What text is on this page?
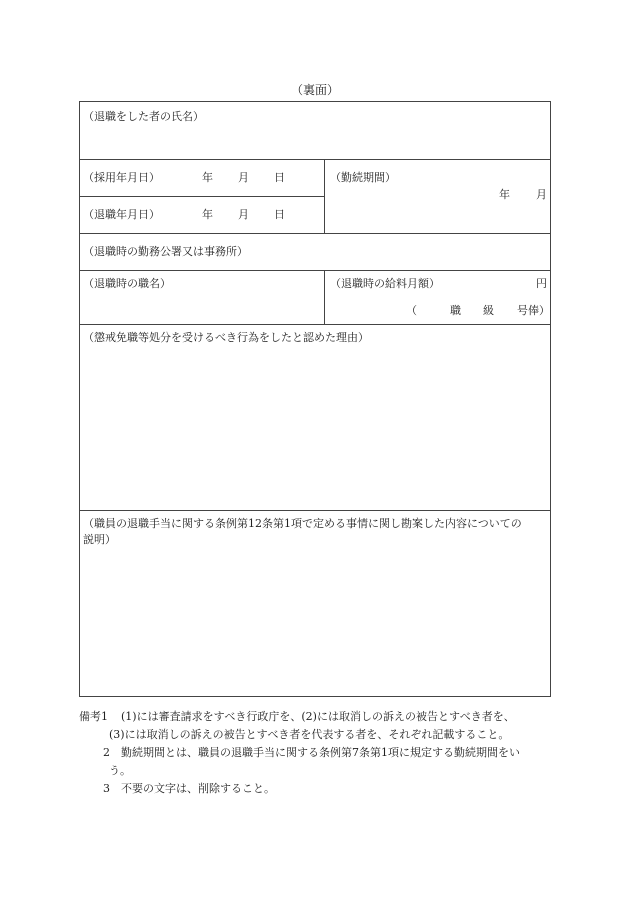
（裏面）
（退職をした者の氏名）
（採用年月日）	年 月 日	（勤続期間）
年 月
（退職年月日）	年 月 日
（退職時の勤務公署又は事務所）
（退職時の職名）	（退職時の給料月額）	円
（	職 級 号俸）
（懲戒免職等処分を受けるべき行為をしたと認めた理由）
（職員の退職手当に関する条例第12条第1項で定める事情に関し勘案した内容についての
説明）
備考1 (1)には審査請求をすべき行政庁を、(2)には取消しの訴えの被告とすべき者を、
(3)には取消しの訴えの被告とすべき者を代表する者を、それぞれ記載すること。

2 勤続期間とは、職員の退職手当に関する条例第7条第1項に規定する勤続期間をい

う。

3 不要の文字は、削除すること。
